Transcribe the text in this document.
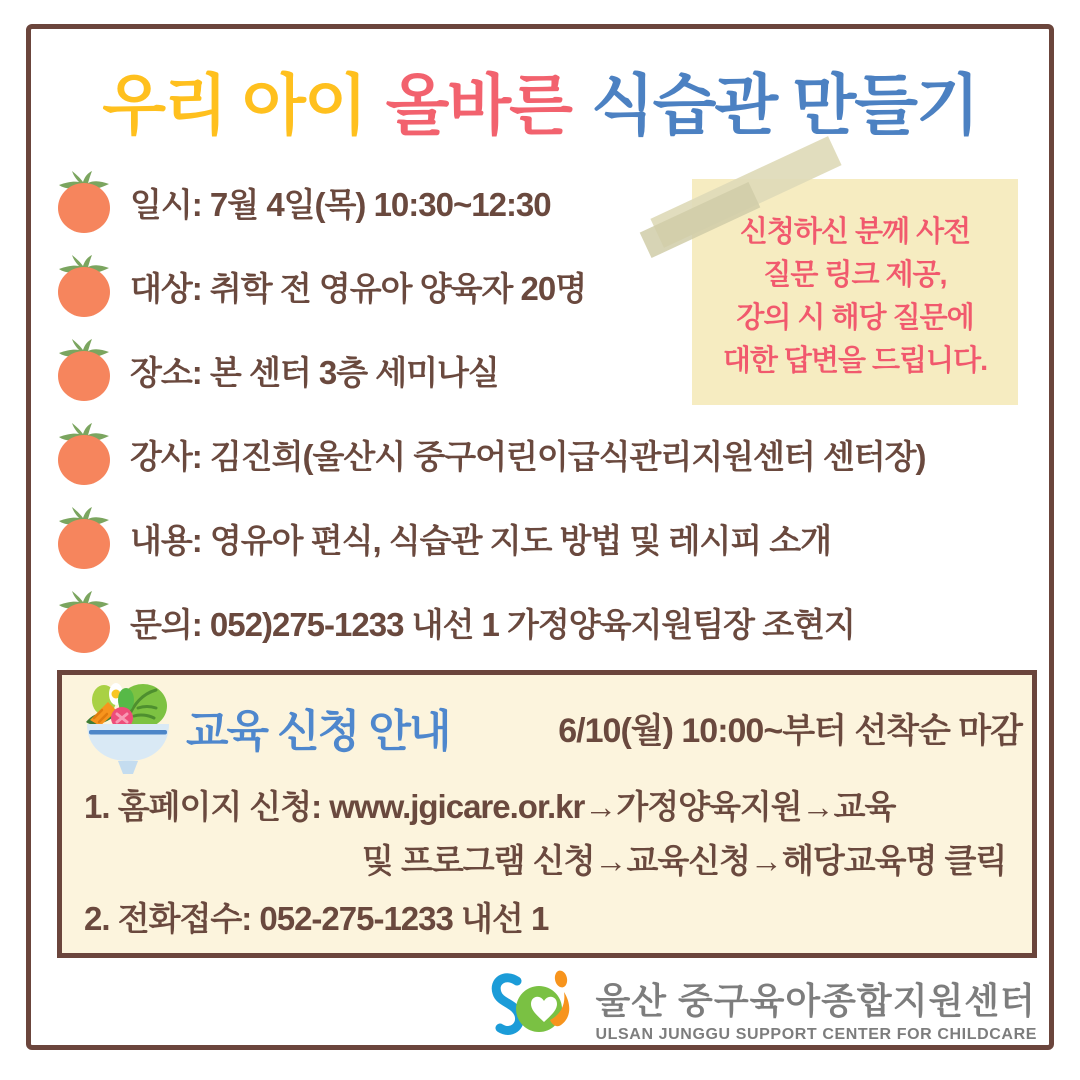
우리 아이 올바른 식습관 만들기
일시: 7월 4일(목) 10:30~12:30
대상: 취학 전 영유아 양육자 20명
장소: 본 센터 3층 세미나실
강사: 김진희(울산시 중구어린이급식관리지원센터 센터장)
내용: 영유아 편식, 식습관 지도 방법 및 레시피 소개
문의: 052)275-1233 내선 1 가정양육지원팀장 조현지
신청하신 분께 사전
질문 링크 제공,
강의 시 해당 질문에
대한 답변을 드립니다.
교육 신청 안내	6/10(월) 10:00~부터 선착순 마감
1. 홈페이지 신청: www.jgicare.or.kr→가정양육지원→교육
및 프로그램 신청→교육신청→해당교육명 클릭
2. 전화접수: 052-275-1233 내선 1
울산 중구육아종합지원센터
ULSAN JUNGGU SUPPORT CENTER FOR CHILDCARE
